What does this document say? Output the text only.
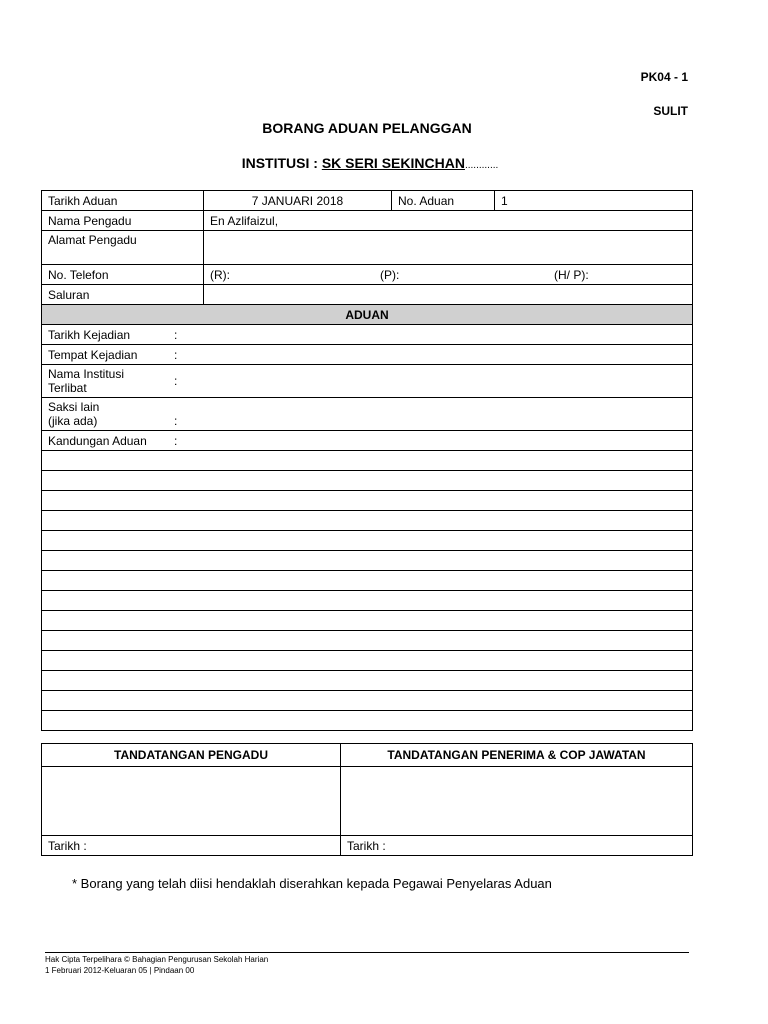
PK04 - 1
SULIT
BORANG ADUAN PELANGGAN
INSTITUSI : SK SERI SEKINCHAN............
Tarikh Aduan	7 JANUARI 2018	No. Aduan	1
Nama Pengadu	En Azlifaizul,		
Alamat Pengadu			
No. Telefon	(R): (P): (H/ P):		

Saluran			
ADUAN			

Tarikh Kejadian :			

Tempat Kejadian :			

Nama Institusi
Terlibat :			

Saksi lain
(jika ada) :			

Kandungan Aduan :			

TANDATANGAN PENGADU	TANDATANGAN PENERIMA & COP JAWATAN

Tarikh :	Tarikh :
* Borang yang telah diisi hendaklah diserahkan kepada Pegawai Penyelaras Aduan
Hak Cipta Terpelihara © Bahagian Pengurusan Sekolah Harian
1 Februari 2012-Keluaran 05 | Pindaan 00
